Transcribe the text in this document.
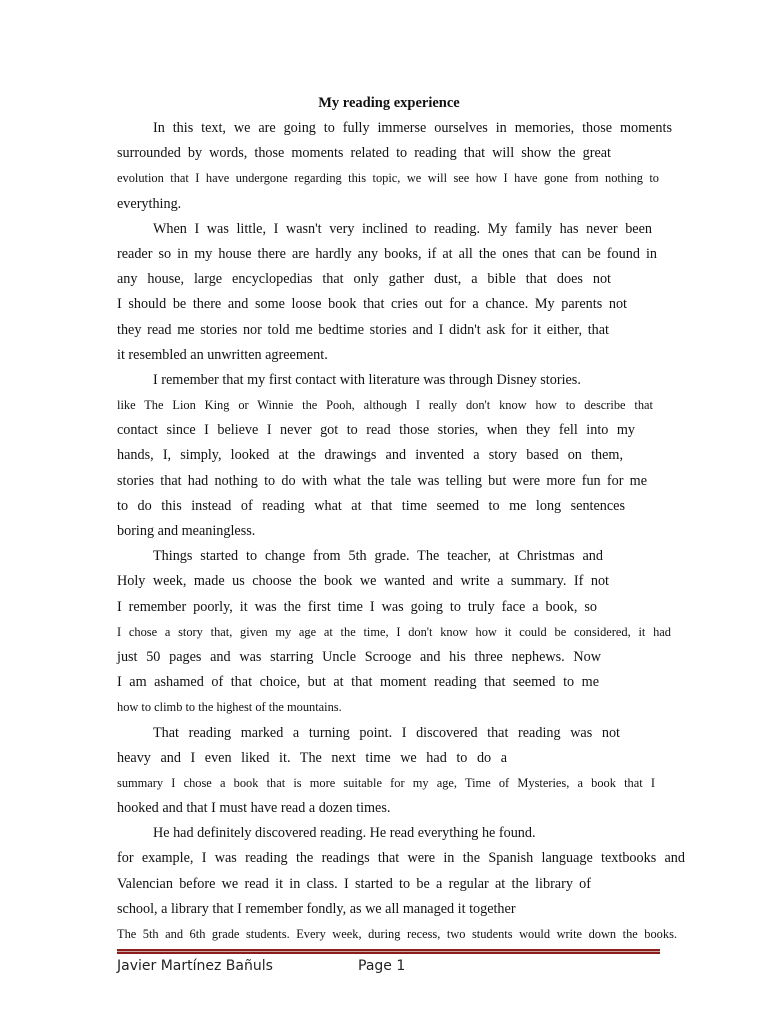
My reading experience
In this text, we are going to fully immerse ourselves in memories, those moments
surrounded by words, those moments related to reading that will show the great
evolution that I have undergone regarding this topic, we will see how I have gone from nothing to
everything.
When I was little, I wasn't very inclined to reading. My family has never been
reader so in my house there are hardly any books, if at all the ones that can be found in
any house, large encyclopedias that only gather dust, a bible that does not
I should be there and some loose book that cries out for a chance. My parents not
they read me stories nor told me bedtime stories and I didn't ask for it either, that
it resembled an unwritten agreement.
I remember that my first contact with literature was through Disney stories.
like The Lion King or Winnie the Pooh, although I really don't know how to describe that
contact since I believe I never got to read those stories, when they fell into my
hands, I, simply, looked at the drawings and invented a story based on them,
stories that had nothing to do with what the tale was telling but were more fun for me
to do this instead of reading what at that time seemed to me long sentences
boring and meaningless.
Things started to change from 5th grade. The teacher, at Christmas and
Holy week, made us choose the book we wanted and write a summary. If not
I remember poorly, it was the first time I was going to truly face a book, so
I chose a story that, given my age at the time, I don't know how it could be considered, it had
just 50 pages and was starring Uncle Scrooge and his three nephews. Now
I am ashamed of that choice, but at that moment reading that seemed to me
how to climb to the highest of the mountains.
That reading marked a turning point. I discovered that reading was not
heavy and I even liked it. The next time we had to do a
summary I chose a book that is more suitable for my age, Time of Mysteries, a book that I
hooked and that I must have read a dozen times.
He had definitely discovered reading. He read everything he found.
for example, I was reading the readings that were in the Spanish language textbooks and
Valencian before we read it in class. I started to be a regular at the library of
school, a library that I remember fondly, as we all managed it together
The 5th and 6th grade students. Every week, during recess, two students would write down the books.
Javier Martínez Bañuls	Page 1
